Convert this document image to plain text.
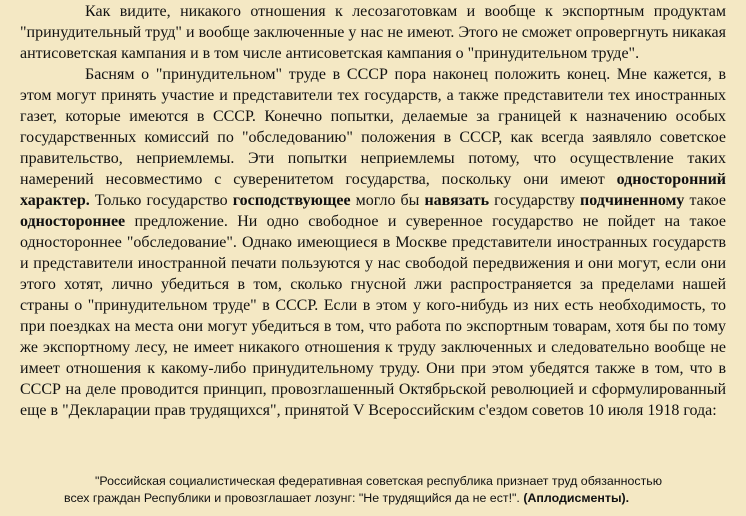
Как видите, никакого отношения к лесозаготовкам и вообще к экспортным продуктам "принудительный труд" и вообще заключенные у нас не имеют. Этого не сможет опровергнуть никакая антисоветская кампания и в том числе антисоветская кампания о "принудительном труде".

Басням о "принудительном" труде в СССР пора наконец положить конец. Мне кажется, в этом могут принять участие и представители тех государств, а также представители тех иностранных газет, которые имеются в СССР. Конечно попытки, делаемые за границей к назначению особых государственных комиссий по "обследованию" положения в СССР, как всегда заявляло советское правительство, неприемлемы. Эти попытки неприемлемы потому, что осуществление таких намерений несовместимо с суверенитетом государства, поскольку они имеют односторонний характер. Только государство господствующее могло бы навязать государству подчиненному такое одностороннее предложение. Ни одно свободное и суверенное государство не пойдет на такое одностороннее "обследование". Однако имеющиеся в Москве представители иностранных государств и представители иностранной печати пользуются у нас свободой передвижения и они могут, если они этого хотят, лично убедиться в том, сколько гнусной лжи распространяется за пределами нашей страны о "принудительном труде" в СССР. Если в этом у кого-нибудь из них есть необходимость, то при поездках на места они могут убедиться в том, что работа по экспортным товарам, хотя бы по тому же экспортному лесу, не имеет никакого отношения к труду заключенных и следовательно вообще не имеет отношения к какому-либо принудительному труду. Они при этом убедятся также в том, что в СССР на деле проводится принцип, провозглашенный Октябрьской революцией и сформулированный еще в "Декларации прав трудящихся", принятой V Всероссийским с'ездом советов 10 июля 1918 года:

"Российская социалистическая федеративная советская республика признает труд обязанностью
всех граждан Республики и провозглашает лозунг: "Не трудящийся да не ест!". (Аплодисменты).
